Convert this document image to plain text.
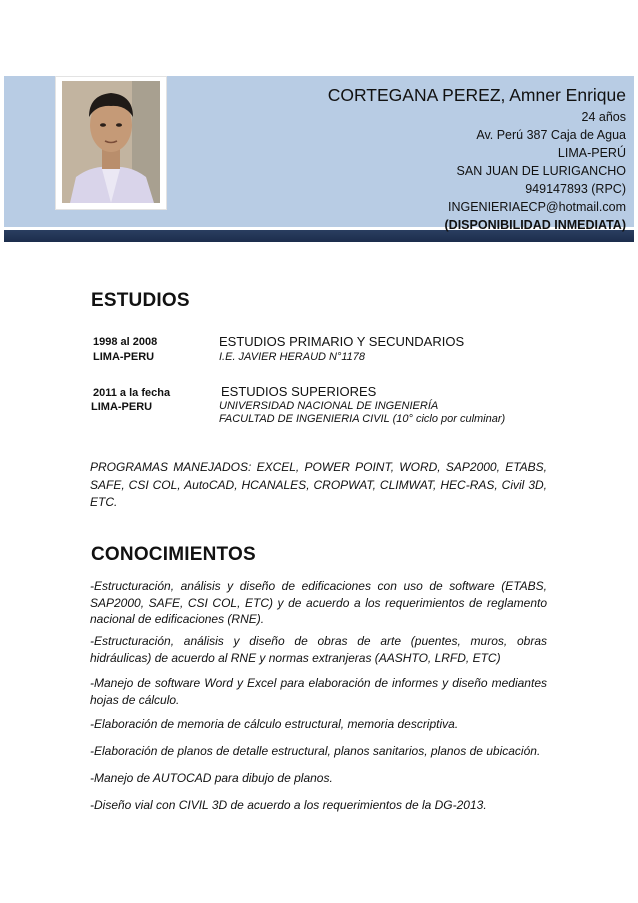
CORTEGANA PEREZ, Amner Enrique
24 años
Av. Perú 387 Caja de Agua
LIMA-PERÚ
SAN JUAN DE LURIGANCHO
949147893 (RPC)
INGENIERIAECP@hotmail.com
(DISPONIBILIDAD INMEDIATA)
ESTUDIOS
1998 al 2008	ESTUDIOS PRIMARIO Y SECUNDARIOS
LIMA-PERU	I.E. JAVIER HERAUD N°1178
2011 a la fecha	ESTUDIOS SUPERIORES
LIMA-PERU	UNIVERSIDAD NACIONAL DE INGENIERÍA
FACULTAD DE INGENIERIA CIVIL (10° ciclo por culminar)
PROGRAMAS MANEJADOS: EXCEL, POWER POINT, WORD, SAP2000, ETABS, SAFE, CSI COL, AutoCAD, HCANALES, CROPWAT, CLIMWAT, HEC-RAS, Civil 3D, ETC.
CONOCIMIENTOS
-Estructuración, análisis y diseño de edificaciones con uso de software (ETABS, SAP2000, SAFE, CSI COL, ETC) y de acuerdo a los requerimientos de reglamento nacional de edificaciones (RNE).
-Estructuración, análisis y diseño de obras de arte (puentes, muros, obras hidráulicas) de acuerdo al RNE y normas extranjeras (AASHTO, LRFD, ETC)
-Manejo de software Word y Excel para elaboración de informes y diseño mediantes hojas de cálculo.
-Elaboración de memoria de cálculo estructural, memoria descriptiva.
-Elaboración de planos de detalle estructural, planos sanitarios, planos de ubicación.
-Manejo de AUTOCAD para dibujo de planos.
-Diseño vial con CIVIL 3D de acuerdo a los requerimientos de la DG-2013.
